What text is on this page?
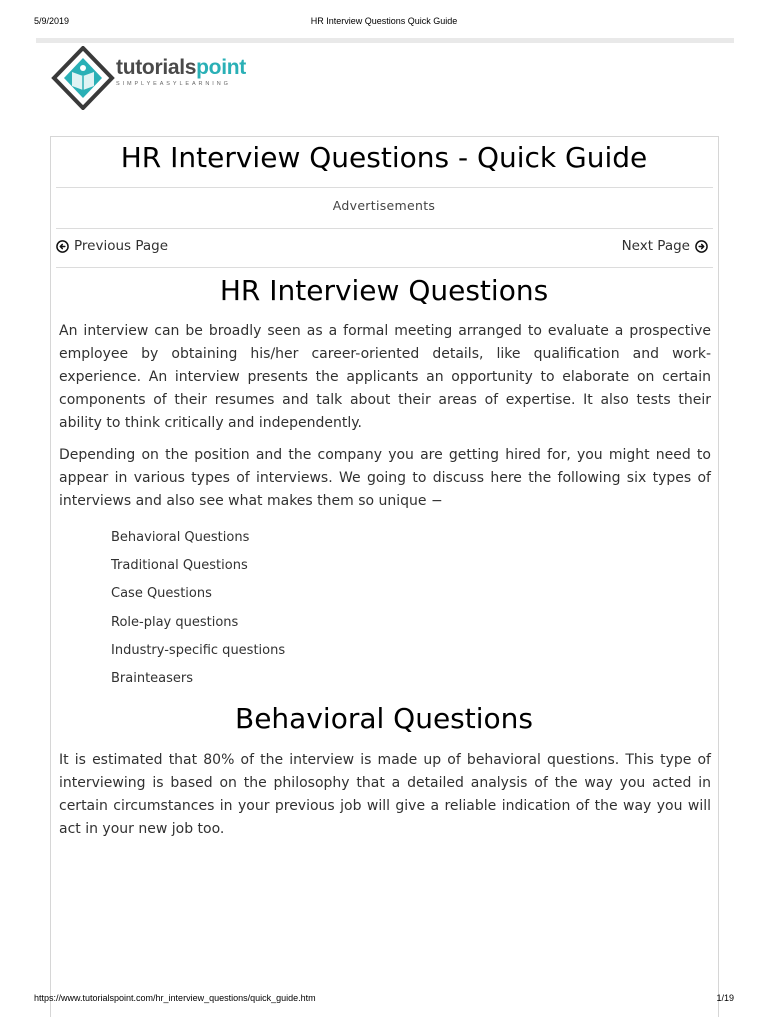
5/9/2019	HR Interview Questions Quick Guide
tutorialspoint
SIMPLYEASYLEARNING
HR Interview Questions - Quick Guide
Advertisements
Previous Page	Next Page
HR Interview Questions

An interview can be broadly seen as a formal meeting arranged to evaluate a prospective employee by obtaining his/her career-oriented details, like qualification and work-experience. An interview presents the applicants an opportunity to elaborate on certain components of their resumes and talk about their areas of expertise. It also tests their ability to think critically and independently.

Depending on the position and the company you are getting hired for, you might need to appear in various types of interviews. We going to discuss here the following six types of interviews and also see what makes them so unique −

Behavioral Questions
Traditional Questions
Case Questions
Role-play questions
Industry-specific questions
Brainteasers
Behavioral Questions

It is estimated that 80% of the interview is made up of behavioral questions. This type of interviewing is based on the philosophy that a detailed analysis of the way you acted in certain circumstances in your previous job will give a reliable indication of the way you will act in your new job too.

https://www.tutorialspoint.com/hr_interview_questions/quick_guide.htm	1/19
